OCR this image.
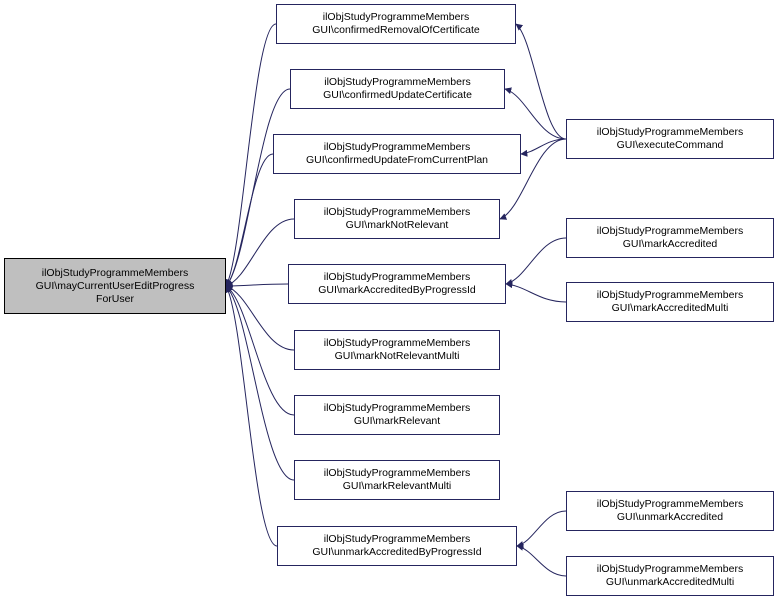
ilObjStudyProgrammeMembers
GUI\mayCurrentUserEditProgress
ForUser
ilObjStudyProgrammeMembers
GUI\confirmedRemovalOfCertificate
ilObjStudyProgrammeMembers
GUI\confirmedUpdateCertificate
ilObjStudyProgrammeMembers
GUI\confirmedUpdateFromCurrentPlan
ilObjStudyProgrammeMembers
GUI\markNotRelevant
ilObjStudyProgrammeMembers
GUI\markAccreditedByProgressId
ilObjStudyProgrammeMembers
GUI\markNotRelevantMulti
ilObjStudyProgrammeMembers
GUI\markRelevant
ilObjStudyProgrammeMembers
GUI\markRelevantMulti
ilObjStudyProgrammeMembers
GUI\unmarkAccreditedByProgressId
ilObjStudyProgrammeMembers
GUI\executeCommand
ilObjStudyProgrammeMembers
GUI\markAccredited
ilObjStudyProgrammeMembers
GUI\markAccreditedMulti
ilObjStudyProgrammeMembers
GUI\unmarkAccredited
ilObjStudyProgrammeMembers
GUI\unmarkAccreditedMulti
